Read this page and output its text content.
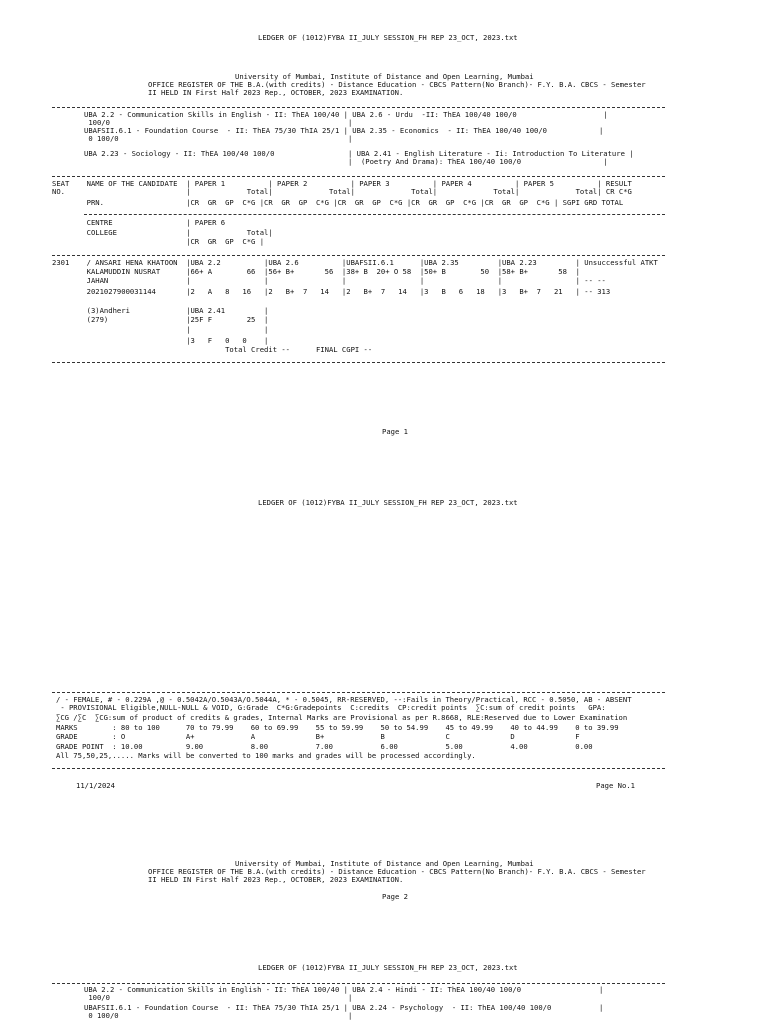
LEDGER OF (1012)FYBA II_JULY SESSION_FH REP 23_OCT, 2023.txt
University of Mumbai, Institute of Distance and Open Learning, Mumbai
OFFICE REGISTER OF THE B.A.(with credits) - Distance Education - CBCS Pattern(No Branch)- F.Y. B.A. CBCS - Semester
II HELD IN First Half 2023 Rep., OCTOBER, 2023 EXAMINATION.
UBA 2.2 - Communication Skills in English - II: ThEA 100/40 | UBA 2.6 - Urdu  -II: ThEA 100/40 100/0                    |
100/0                                                       |
UBAFSII.6.1 - Foundation Course  - II: ThEA 75/30 ThIA 25/1 | UBA 2.35 - Economics  - II: ThEA 100/40 100/0            |
0 100/0                                                     |
UBA 2.23 - Sociology - II: ThEA 100/40 100/0                 | UBA 2.41 - English Literature - Ii: Introduction To Literature |
|  (Poetry And Drama): ThEA 100/40 100/0                   |
SEAT    NAME OF THE CANDIDATE  | PAPER 1          | PAPER 2          | PAPER 3          | PAPER 4          | PAPER 5          | RESULT
NO.                            |             Total|             Total|             Total|             Total|             Total| CR C*G
PRN.                   |CR  GR  GP  C*G |CR  GR  GP  C*G |CR  GR  GP  C*G |CR  GR  GP  C*G |CR  GR  GP  C*G | SGPI GRD TOTAL
CENTRE                 | PAPER 6
COLLEGE                |             Total|
|CR  GR  GP  C*G |
2301    / ANSARI HENA KHATOON  |UBA 2.2          |UBA 2.6          |UBAFSII.6.1      |UBA 2.35         |UBA 2.23         | Unsuccessful ATKT
KALAMUDDIN NUSRAT      |66+ A        66  |56+ B+       56  |38+ B  20+ O 58  |50+ B        50  |58+ B+       58  |
JAHAN                  |                 |                 |                 |                 |                 | -- --
2021027900031144       |2   A   8   16   |2   B+  7   14   |2   B+  7   14   |3   B   6   18   |3   B+  7   21   | -- 313
(3)Andheri             |UBA 2.41         |
(279)                  |25F F        25  |
|                 |
|3   F   0   0    |
Total Credit --      FINAL CGPI --
Page 1
LEDGER OF (1012)FYBA II_JULY SESSION_FH REP 23_OCT, 2023.txt
/ - FEMALE, # - 0.229A ,@ - 0.5042A/O.5043A/O.5044A, * - 0.5045, RR-RESERVED, --:Fails in Theory/Practical, RCC - 0.5050, AB - ABSENT
- PROVISIONAL Eligible,NULL-NULL & VOID, G:Grade  C*G:Gradepoints  C:credits  CP:credit points  ∑C:sum of credit points   GPA:
∑CG /∑C  ∑CG:sum of product of credits & grades, Internal Marks are Provisional as per R.8668, RLE:Reserved due to Lower Examination
MARKS        : 80 to 100      70 to 79.99    60 to 69.99    55 to 59.99    50 to 54.99    45 to 49.99    40 to 44.99    0 to 39.99
GRADE        : O              A+             A              B+             B              C              D              F
GRADE POINT  : 10.00          9.00           8.00           7.00           6.00           5.00           4.00           0.00
All 75,50,25,..... Marks will be converted to 100 marks and grades will be processed accordingly.
11/1/2024	Page No.1
University of Mumbai, Institute of Distance and Open Learning, Mumbai
OFFICE REGISTER OF THE B.A.(with credits) - Distance Education - CBCS Pattern(No Branch)- F.Y. B.A. CBCS - Semester
II HELD IN First Half 2023 Rep., OCTOBER, 2023 EXAMINATION.
Page 2
LEDGER OF (1012)FYBA II_JULY SESSION_FH REP 23_OCT, 2023.txt
UBA 2.2 - Communication Skills in English - II: ThEA 100/40 | UBA 2.4 - Hindi - II: ThEA 100/40 100/0                  |
100/0                                                       |
UBAFSII.6.1 - Foundation Course  - II: ThEA 75/30 ThIA 25/1 | UBA 2.24 - Psychology  - II: ThEA 100/40 100/0           |
0 100/0                                                     |
